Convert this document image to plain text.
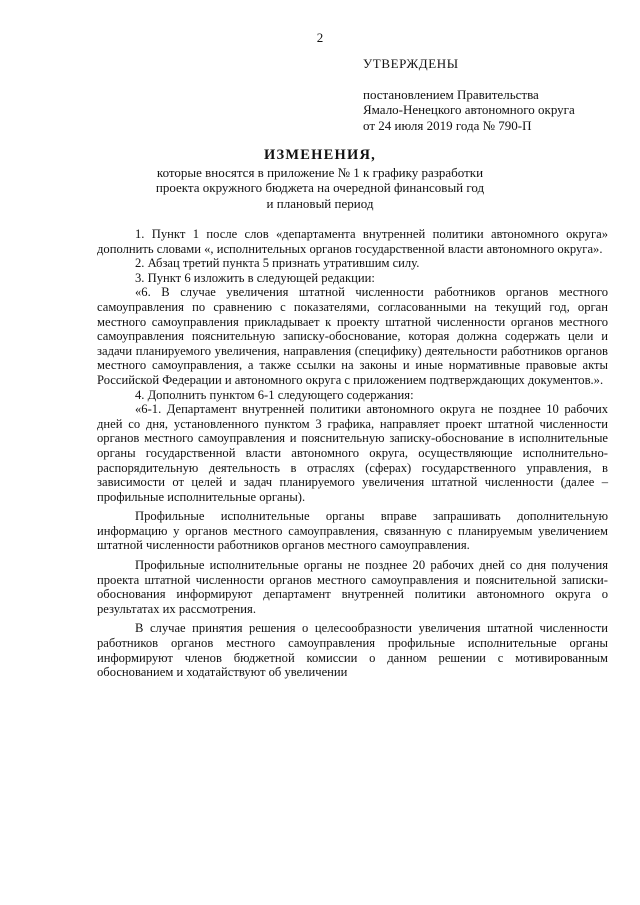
2

УТВЕРЖДЕНЫ

постановлением Правительства

Ямало-Ненецкого автономного округа

от 24 июля 2019 года № 790-П

ИЗМЕНЕНИЯ,

которые вносятся в приложение № 1 к графику разработки

проекта окружного бюджета на очередной финансовый год

и плановый период

1. Пункт 1 после слов «департамента внутренней политики автономного округа» дополнить словами «, исполнительных органов государственной власти автономного округа».

2. Абзац третий пункта 5 признать утратившим силу.

3. Пункт 6 изложить в следующей редакции:

«6. В случае увеличения штатной численности работников органов местного самоуправления по сравнению с показателями, согласованными на текущий год, орган местного самоуправления прикладывает к проекту штатной численности органов местного самоуправления пояснительную записку-обоснование, которая должна содержать цели и задачи планируемого увеличения, направления (специфику) деятельности работников органов местного самоуправления, а также ссылки на законы и иные нормативные правовые акты Российской Федерации и автономного округа с приложением подтверждающих документов.».

4. Дополнить пунктом 6-1 следующего содержания:

«6-1. Департамент внутренней политики автономного округа не позднее 10 рабочих дней со дня, установленного пунктом 3 графика, направляет проект штатной численности органов местного самоуправления и пояснительную записку-обоснование в исполнительные органы государственной власти автономного округа, осуществляющие исполнительно-распорядительную деятельность в отраслях (сферах) государственного управления, в зависимости от целей и задач планируемого увеличения штатной численности (далее – профильные исполнительные органы).

Профильные исполнительные органы вправе запрашивать дополнительную информацию у органов местного самоуправления, связанную с планируемым увеличением штатной численности работников органов местного самоуправления.

Профильные исполнительные органы не позднее 20 рабочих дней со дня получения проекта штатной численности органов местного самоуправления и пояснительной записки-обоснования информируют департамент внутренней политики автономного округа о результатах их рассмотрения.

В случае принятия решения о целесообразности увеличения штатной численности работников органов местного самоуправления профильные исполнительные органы информируют членов бюджетной комиссии о данном решении с мотивированным обоснованием и ходатайствуют об увеличении
